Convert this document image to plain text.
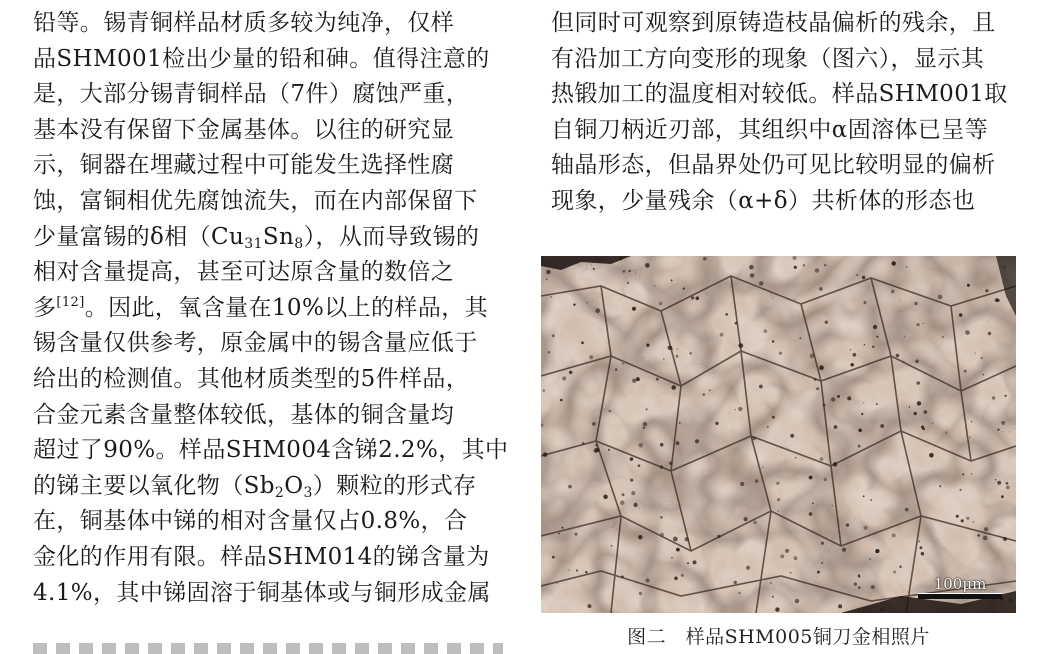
铅等。锡青铜样品材质多较为纯净，仅样
品SHM001检出少量的铅和砷。值得注意的
是，大部分锡青铜样品（7件）腐蚀严重，
基本没有保留下金属基体。以往的研究显
示，铜器在埋藏过程中可能发生选择性腐
蚀，富铜相优先腐蚀流失，而在内部保留下
少量富锡的δ相$(Cu_{31}Sn_8)$，从而导致锡的
相对含量提高，甚至可达原含量的数倍之
多[12]。因此，氧含量在10%以上的样品，其
锡含量仅供参考，原金属中的锡含量应低于
给出的检测值。其他材质类型的5件样品，
合金元素含量整体较低，基体的铜含量均
超过了90%。样品SHM004含锑2.2%，其中
的锑主要以氧化物$(Sb_2O_3)$颗粒的形式存
在，铜基体中锑的相对含量仅占0.8%，合
金化的作用有限。样品SHM014的锑含量为
4.1%，其中锑固溶于铜基体或与铜形成金属
但同时可观察到原铸造枝晶偏析的残余，且
有沿加工方向变形的现象（图六），显示其
热锻加工的温度相对较低。样品SHM001取
自铜刀柄近刃部，其组织中α固溶体已呈等
轴晶形态，但晶界处仍可见比较明显的偏析
现象，少量残余（α+δ）共析体的形态也
100μm
图二　样品SHM005铜刀金相照片
